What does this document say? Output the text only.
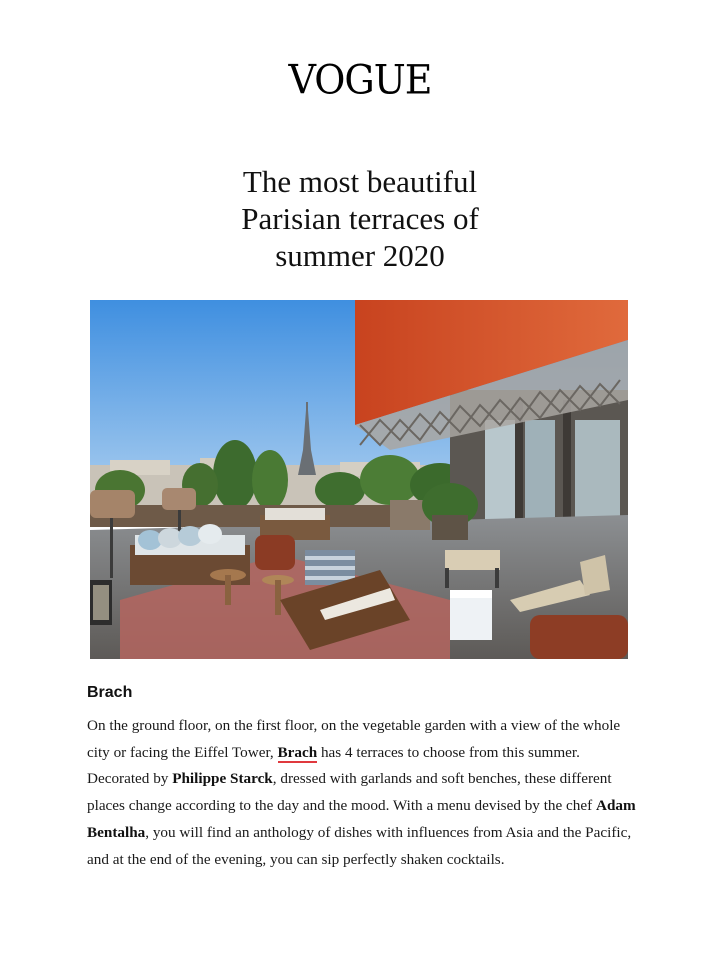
VOGUE
The most beautiful
Parisian terraces of
summer 2020
Brach

On the ground floor, on the first floor, on the vegetable garden with a view of the whole city or facing the Eiffel Tower, Brach has 4 terraces to choose from this summer. Decorated by Philippe Starck, dressed with garlands and soft benches, these different places change according to the day and the mood. With a menu devised by the chef Adam Bentalha, you will find an anthology of dishes with influences from Asia and the Pacific, and at the end of the evening, you can sip perfectly shaken cocktails.
